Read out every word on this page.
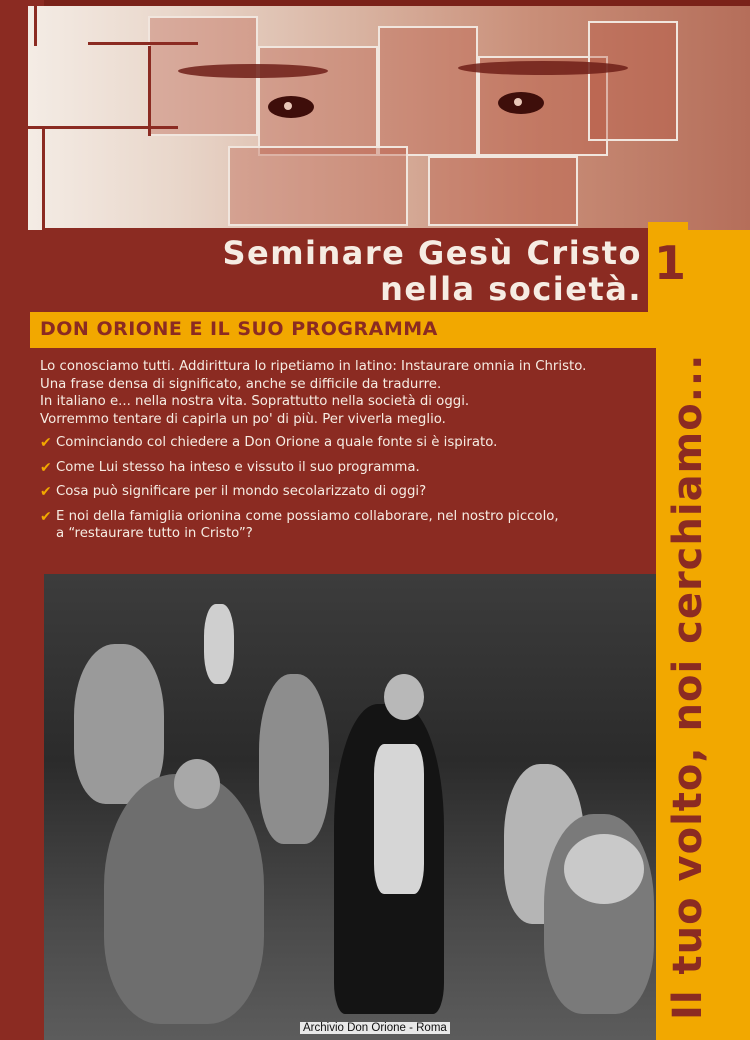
Seminare Gesù Cristo
nella società. 1
Il tuo volto, noi cerchiamo...
DON ORIONE E IL SUO PROGRAMMA
Lo conosciamo tutti. Addirittura lo ripetiamo in latino: Instaurare omnia in Christo.
Una frase densa di significato, anche se difficile da tradurre.
In italiano e... nella nostra vita. Soprattutto nella società di oggi.
Vorremmo tentare di capirla un po' di più. Per viverla meglio.
✔ Cominciando col chiedere a Don Orione a quale fonte si è ispirato.
✔ Come Lui stesso ha inteso e vissuto il suo programma.
✔ Cosa può significare per il mondo secolarizzato di oggi?
✔ E noi della famiglia orionina come possiamo collaborare, nel nostro piccolo,
a “restaurare tutto in Cristo”?
Archivio Don Orione - Roma
